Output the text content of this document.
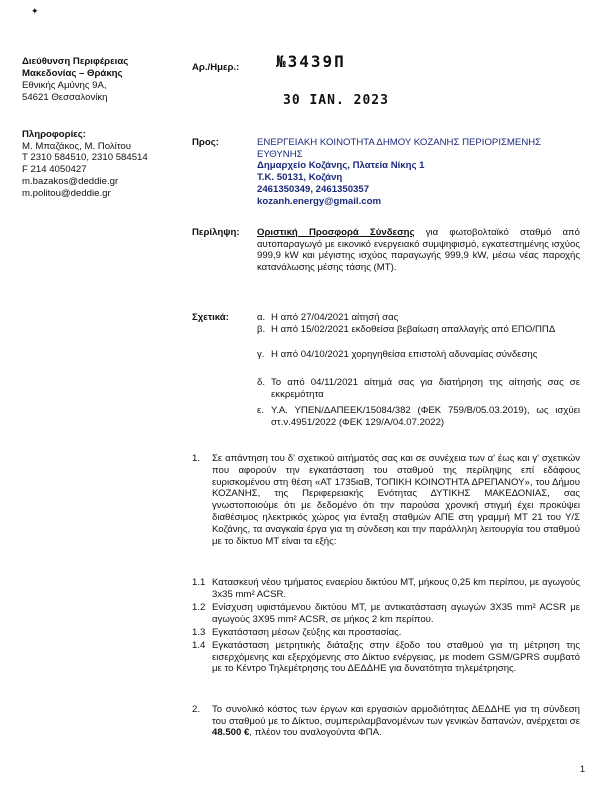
✦
Διεύθυνση Περιφέρειας
Μακεδονίας – Θράκης
Εθνικής Αμύνης 9Α,
54621 Θεσσαλονίκη
Αρ./Ημερ.: №3439Π
30 ΙΑΝ. 2023
Πληροφορίες:
Μ. Μπαζάκος, Μ. Πολίτου
Τ 2310 584510, 2310 584514
F 214 4050427
m.bazakos@deddie.gr
m.politou@deddie.gr
Προς:	ΕΝΕΡΓΕΙΑΚΗ ΚΟΙΝΟΤΗΤΑ ΔΗΜΟΥ ΚΟΖΑΝΗΣ ΠΕΡΙΟΡΙΣΜΕΝΗΣ
ΕΥΘΥΝΗΣ
Δημαρχείο Κοζάνης, Πλατεία Νίκης 1
Τ.Κ. 50131, Κοζάνη
2461350349, 2461350357
kozanh.energy@gmail.com
Περίληψη: Οριστική Προσφορά Σύνδεσης για φωτοβολταϊκό σταθμό από αυτοπαραγωγό με εικονικό ενεργειακό συμψηφισμό, εγκατεστημένης ισχύος 999,9 kW και μέγιστης ισχύος παραγωγής 999,9 kW, μέσω νέας παροχής κατανάλωσης μέσης τάσης (ΜΤ).
Σχετικά:	α. Η από 27/04/2021 αίτησή σας
β. Η από 15/02/2021 εκδοθείσα βεβαίωση απαλλαγής από ΕΠΟ/ΠΠΔ
γ. Η από 04/10/2021 χορηγηθείσα επιστολή αδυναμίας σύνδεσης
δ. Το από 04/11/2021 αίτημά σας για διατήρηση της αίτησής σας σε εκκρεμότητα
ε. Υ.Α. ΥΠΕΝ/ΔΑΠΕΕΚ/15084/382 (ΦΕΚ 759/Β/05.03.2019), ως ισχύει στ.ν.4951/2022 (ΦΕΚ 129/Α/04.07.2022)
1. Σε απάντηση του δ' σχετικού αιτήματός σας και σε συνέχεια των α' έως και γ' σχετικών που αφορούν την εγκατάσταση του σταθμού της περίληψης επί εδάφους ευρισκομένου στη θέση «ΑΤ 1735ιαΒ, ΤΟΠΙΚΗ ΚΟΙΝΟΤΗΤΑ ΔΡΕΠΑΝΟΥ», του Δήμου ΚΟΖΑΝΗΣ, της Περιφερειακής Ενότητας ΔΥΤΙΚΗΣ ΜΑΚΕΔΟΝΙΑΣ, σας γνωστοποιούμε ότι με δεδομένο ότι την παρούσα χρονική στιγμή έχει προκύψει διαθέσιμος ηλεκτρικός χώρος για ένταξη σταθμών ΑΠΕ στη γραμμή ΜΤ 21 του Υ/Σ Κοζάνης, τα αναγκαία έργα για τη σύνδεση και την παράλληλη λειτουργία του σταθμού με το δίκτυο ΜΤ είναι τα εξής:
1.1 Κατασκευή νέου τμήματος εναερίου δικτύου ΜΤ, μήκους 0,25 km περίπου, με αγωγούς 3x35 mm² ACSR.
1.2 Ενίσχυση υφιστάμενου δικτύου ΜΤ, με αντικατάσταση αγωγών 3X35 mm² ACSR με αγωγούς 3X95 mm² ACSR, σε μήκος 2 km περίπου.
1.3 Εγκατάσταση μέσων ζεύξης και προστασίας.
1.4 Εγκατάσταση μετρητικής διάταξης στην έξοδο του σταθμού για τη μέτρηση της εισερχόμενης και εξερχόμενης στο Δίκτυο ενέργειας, με modem GSM/GPRS συμβατό με το Κέντρο Τηλεμέτρησης του ΔΕΔΔΗΕ για δυνατότητα τηλεμέτρησης.
2. Το συνολικό κόστος των έργων και εργασιών αρμοδιότητας ΔΕΔΔΗΕ για τη σύνδεση του σταθμού με το Δίκτυο, συμπεριλαμβανομένων των γενικών δαπανών, ανέρχεται σε 48.500 €, πλέον του αναλογούντα ΦΠΑ.
1
